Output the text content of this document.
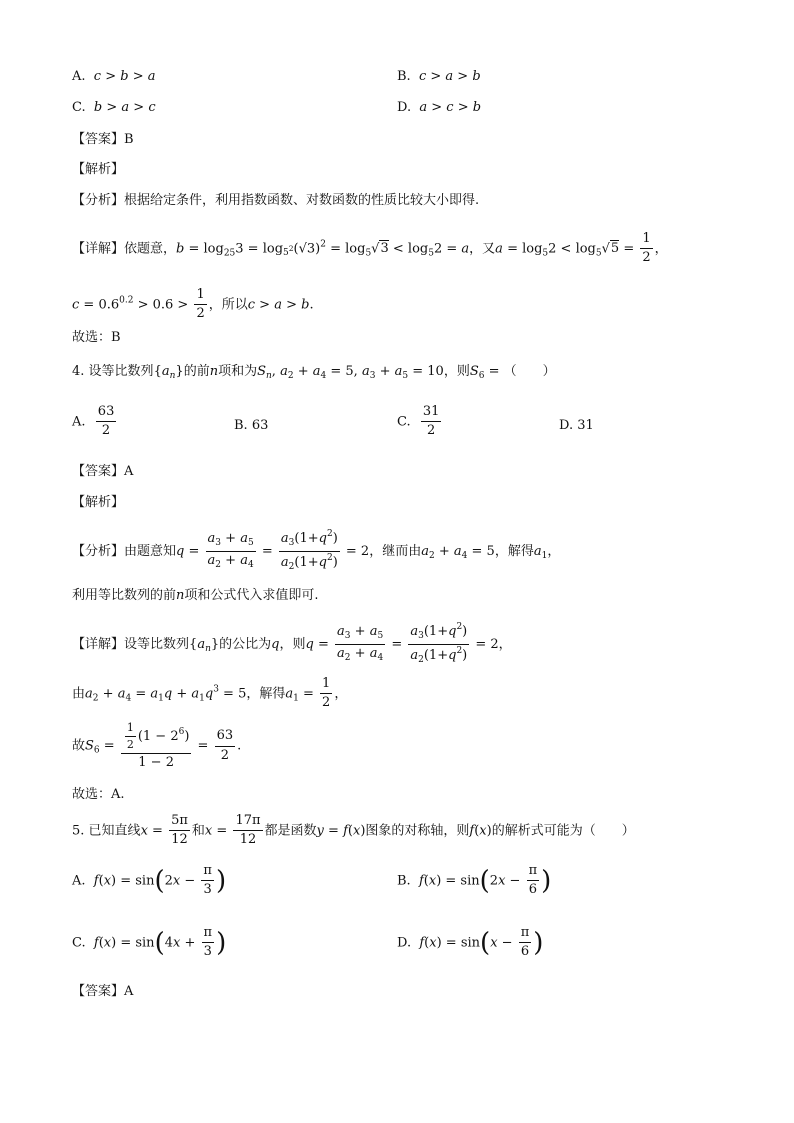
A. c > b > a	B. c > a > b
C. b > a > c	D. a > c > b
【答案】B
【解析】
【分析】根据给定条件，利用指数函数、对数函数的性质比较大小即得.
【详解】依题意，$b = \log_{25}3 = \log_{5^2}(√3)^2 = \log_5√3 < \log_52 = a$，又$a = \log_52 < \log_5√5 = \frac{1}{2}$ ，
$c = 0.6^{0.2} > 0.6 > \frac{1}{2}$ ，所以c > a > b.
故选：B
4. 设等比数列$\{a_n\}$的前n项和为$S_n$, $a_2 + a_4 = 5$, $a_3 + a_5 = 10$，则$S_6$ = （　　）
A. $\frac{63}{2}$	B. 63	C. $\frac{31}{2}$	D. 31
【答案】A
【解析】
【分析】由题意知$q = \frac{a_3 + a_5}{a_2 + a_4} = \frac{a_3(1+q^2)}{a_2(1+q^2)} = 2$，继而由$a_2 + a_4 = 5$，解得$a_1$，
利用等比数列的前n项和公式代入求值即可.
【详解】设等比数列$\{a_n\}$的公比为q，则$q = \frac{a_3 + a_5}{a_2 + a_4} = \frac{a_3(1+q^2)}{a_2(1+q^2)} = 2$，
由$a_2 + a_4 = a_1q + a_1q^3 = 5$，解得$a_1 = \frac{1}{2}$ ，
故$S_6 = \frac{\frac{1}{2} (1 - 2^6)}{1 - 2} = \frac{63}{2}$ .
故选：A.
5. 已知直线$x = \frac{5\pi}{12}$ 和$x = \frac{17\pi}{12}$ 都是函数y = f(x)图象的对称轴，则f(x)的解析式可能为（　　）
A. $f(x) = \sin(2x - \frac{\pi}{3}$ )	B. $f(x) = \sin(2x - \frac{\pi}{6}$ )
C. $f(x) = \sin(4x + \frac{\pi}{3}$ )	D. $f(x) = \sin(x - \frac{\pi}{6}$ )
【答案】A
